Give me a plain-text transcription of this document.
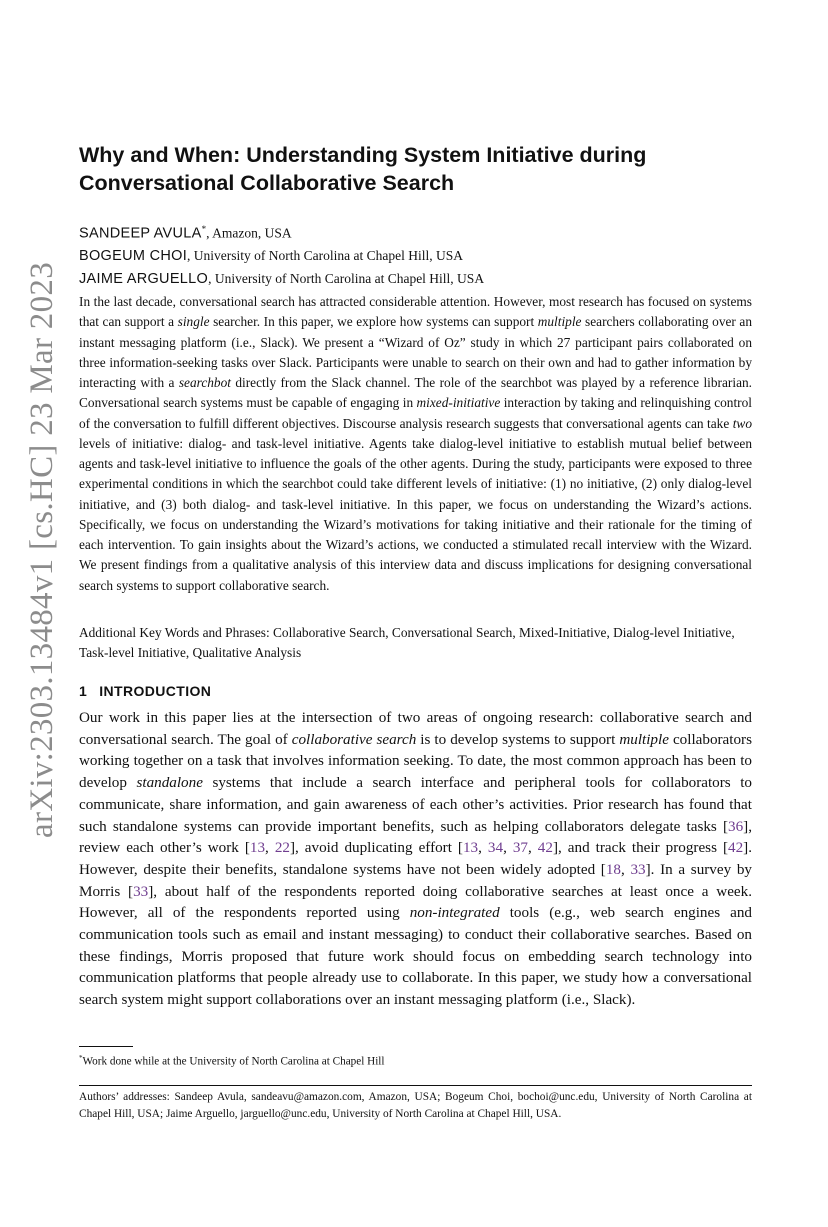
arXiv:2303.13484v1 [cs.HC] 23 Mar 2023
Why and When: Understanding System Initiative during
Conversational Collaborative Search
SANDEEP AVULA*, Amazon, USA
BOGEUM CHOI, University of North Carolina at Chapel Hill, USA
JAIME ARGUELLO, University of North Carolina at Chapel Hill, USA

In the last decade, conversational search has attracted considerable attention. However, most research has focused on systems that can support a single searcher. In this paper, we explore how systems can support multiple searchers collaborating over an instant messaging platform (i.e., Slack). We present a “Wizard of Oz” study in which 27 participant pairs collaborated on three information-seeking tasks over Slack. Participants were unable to search on their own and had to gather information by interacting with a searchbot directly from the Slack channel. The role of the searchbot was played by a reference librarian. Conversational search systems must be capable of engaging in mixed-initiative interaction by taking and relinquishing control of the conversation to fulfill different objectives. Discourse analysis research suggests that conversational agents can take two levels of initiative: dialog- and task-level initiative. Agents take dialog-level initiative to establish mutual belief between agents and task-level initiative to influence the goals of the other agents. During the study, participants were exposed to three experimental conditions in which the searchbot could take different levels of initiative: (1) no initiative, (2) only dialog-level initiative, and (3) both dialog- and task-level initiative. In this paper, we focus on understanding the Wizard’s actions. Specifically, we focus on understanding the Wizard’s motivations for taking initiative and their rationale for the timing of each intervention. To gain insights about the Wizard’s actions, we conducted a stimulated recall interview with the Wizard. We present findings from a qualitative analysis of this interview data and discuss implications for designing conversational search systems to support collaborative search.

Additional Key Words and Phrases: Collaborative Search, Conversational Search, Mixed-Initiative, Dialog-level Initiative, Task-level Initiative, Qualitative Analysis

1 INTRODUCTION

Our work in this paper lies at the intersection of two areas of ongoing research: collaborative search and conversational search. The goal of collaborative search is to develop systems to support multiple collaborators working together on a task that involves information seeking. To date, the most common approach has been to develop standalone systems that include a search interface and peripheral tools for collaborators to communicate, share information, and gain awareness of each other’s activities. Prior research has found that such standalone systems can provide important benefits, such as helping collaborators delegate tasks [36], review each other’s work [13, 22], avoid duplicating effort [13, 34, 37, 42], and track their progress [42]. However, despite their benefits, standalone systems have not been widely adopted [18, 33]. In a survey by Morris [33], about half of the respondents reported doing collaborative searches at least once a week. However, all of the respondents reported using non-integrated tools (e.g., web search engines and communication tools such as email and instant messaging) to conduct their collaborative searches. Based on these findings, Morris proposed that future work should focus on embedding search technology into communication platforms that people already use to collaborate. In this paper, we study how a conversational search system might support collaborations over an instant messaging platform (i.e., Slack).

*Work done while at the University of North Carolina at Chapel Hill

Authors’ addresses: Sandeep Avula, sandeavu@amazon.com, Amazon, USA; Bogeum Choi, bochoi@unc.edu, University of North Carolina at Chapel Hill, USA; Jaime Arguello, jarguello@unc.edu, University of North Carolina at Chapel Hill, USA.
